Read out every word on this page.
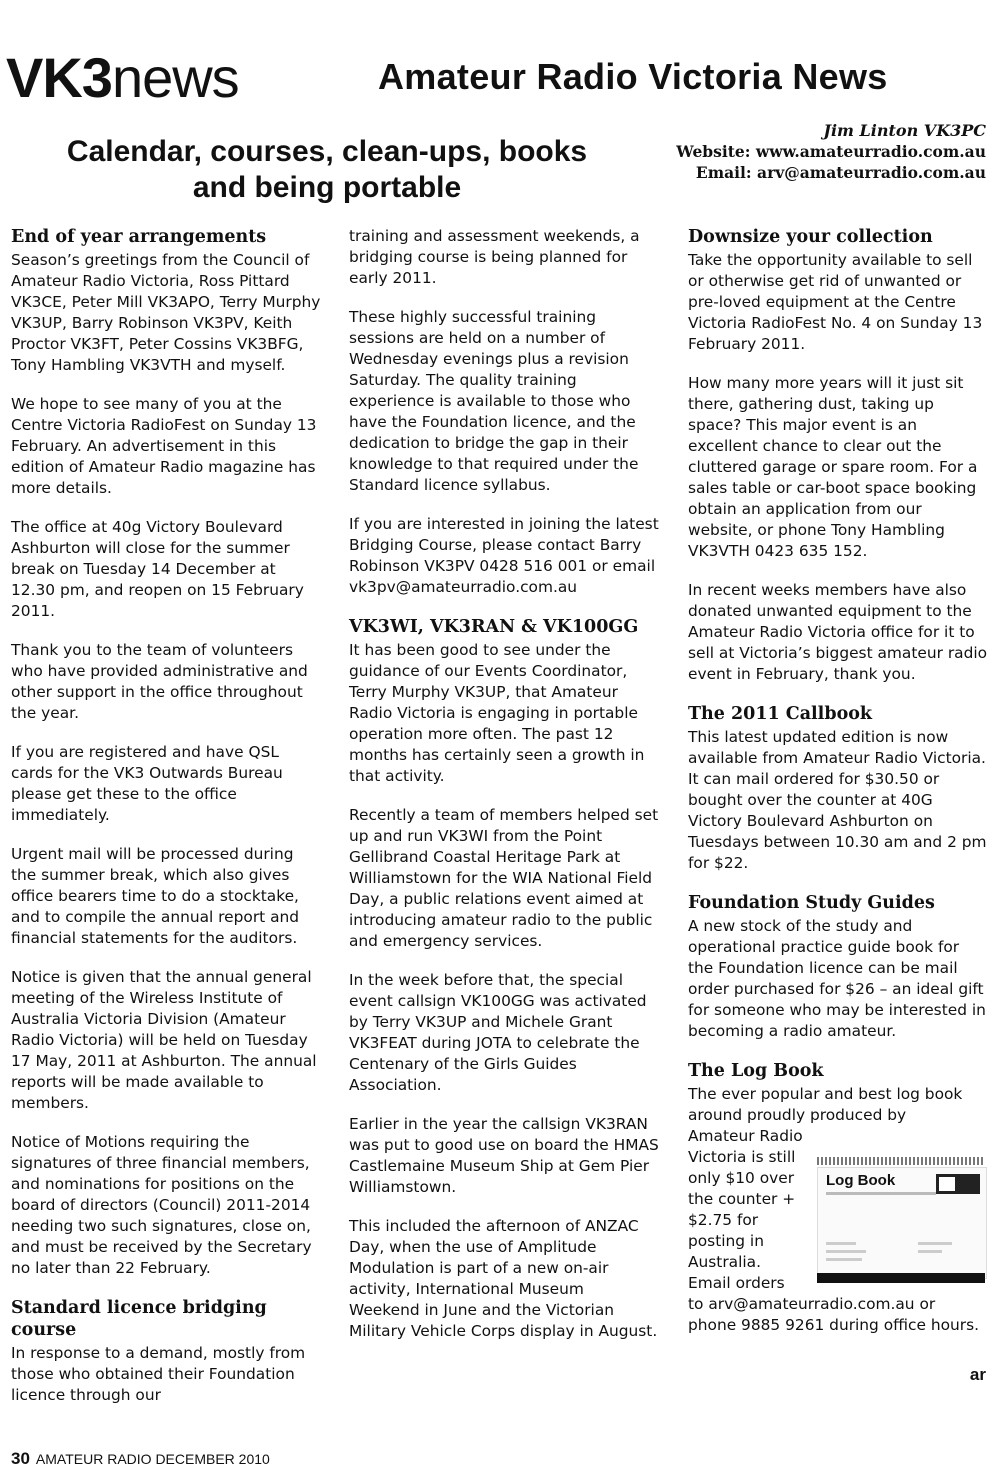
VK3news	Amateur Radio Victoria News
Calendar, courses, clean-ups, books
and being portable
Jim Linton VK3PC
Website: www.amateurradio.com.au
Email: arv@amateurradio.com.au
End of year arrangements

Season’s greetings from the Council of Amateur Radio Victoria, Ross Pittard VK3CE, Peter Mill VK3APO, Terry Murphy VK3UP, Barry Robinson VK3PV, Keith Proctor VK3FT, Peter Cossins VK3BFG, Tony Hambling VK3VTH and myself.

We hope to see many of you at the Centre Victoria RadioFest on Sunday 13 February. An advertisement in this edition of Amateur Radio magazine has more details.

The office at 40g Victory Boulevard Ashburton will close for the summer break on Tuesday 14 December at 12.30 pm, and reopen on 15 February 2011.

Thank you to the team of volunteers who have provided administrative and other support in the office throughout the year.

If you are registered and have QSL cards for the VK3 Outwards Bureau please get these to the office immediately.

Urgent mail will be processed during the summer break, which also gives office bearers time to do a stocktake, and to compile the annual report and financial statements for the auditors.

Notice is given that the annual general meeting of the Wireless Institute of Australia Victoria Division (Amateur Radio Victoria) will be held on Tuesday 17 May, 2011 at Ashburton. The annual reports will be made available to members.

Notice of Motions requiring the signatures of three financial members, and nominations for positions on the board of directors (Council) 2011-2014 needing two such signatures, close on, and must be received by the Secretary no later than 22 February.

Standard licence bridging course

In response to a demand, mostly from those who obtained their Foundation licence through our

training and assessment weekends, a bridging course is being planned for early 2011.

These highly successful training sessions are held on a number of Wednesday evenings plus a revision Saturday. The quality training experience is available to those who have the Foundation licence, and the dedication to bridge the gap in their knowledge to that required under the Standard licence syllabus.

If you are interested in joining the latest Bridging Course, please contact Barry Robinson VK3PV 0428 516 001 or email vk3pv@amateurradio.com.au

VK3WI, VK3RAN & VK100GG

It has been good to see under the guidance of our Events Coordinator, Terry Murphy VK3UP, that Amateur Radio Victoria is engaging in portable operation more often. The past 12 months has certainly seen a growth in that activity.

Recently a team of members helped set up and run VK3WI from the Point Gellibrand Coastal Heritage Park at Williamstown for the WIA National Field Day, a public relations event aimed at introducing amateur radio to the public and emergency services.

In the week before that, the special event callsign VK100GG was activated by Terry VK3UP and Michele Grant VK3FEAT during JOTA to celebrate the Centenary of the Girls Guides Association.

Earlier in the year the callsign VK3RAN was put to good use on board the HMAS Castlemaine Museum Ship at Gem Pier Williamstown.

This included the afternoon of ANZAC Day, when the use of Amplitude Modulation is part of a new on-air activity, International Museum Weekend in June and the Victorian Military Vehicle Corps display in August.

Downsize your collection

Take the opportunity available to sell or otherwise get rid of unwanted or pre-loved equipment at the Centre Victoria RadioFest No. 4 on Sunday 13 February 2011.

How many more years will it just sit there, gathering dust, taking up space? This major event is an excellent chance to clear out the cluttered garage or spare room. For a sales table or car-boot space booking obtain an application from our website, or phone Tony Hambling VK3VTH 0423 635 152.

In recent weeks members have also donated unwanted equipment to the Amateur Radio Victoria office for it to sell at Victoria’s biggest amateur radio event in February, thank you.

The 2011 Callbook

This latest updated edition is now available from Amateur Radio Victoria. It can mail ordered for $30.50 or bought over the counter at 40G Victory Boulevard Ashburton on Tuesdays between 10.30 am and 2 pm for $22.

Foundation Study Guides

A new stock of the study and operational practice guide book for the Foundation licence can be mail order purchased for $26 – an ideal gift for someone who may be interested in becoming a radio amateur.

The Log Book
The ever popular and best log book around proudly produced by Amateur Radio
Victoria is still only $10 over the counter + $2.75 for posting in Australia. Email orders
to arv@amateurradio.com.au or phone 9885 9261 during office hours.
Log Book
ar
30 AMATEUR RADIO DECEMBER 2010
